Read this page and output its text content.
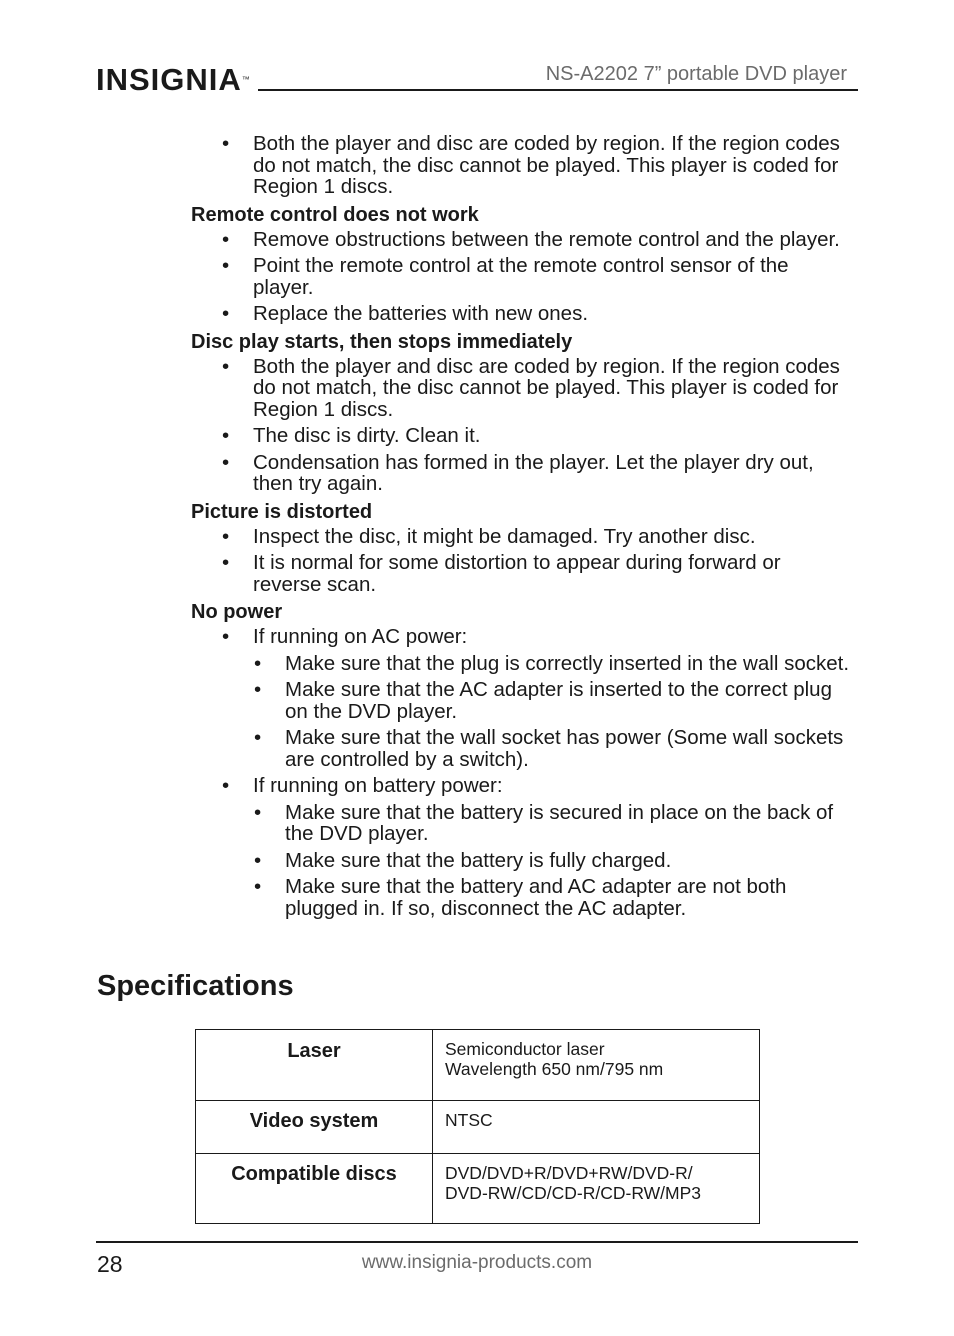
INSIGNIA™	NS-A2202 7” portable DVD player
• Both the player and disc are coded by region. If the region codes do not match, the disc cannot be played. This player is coded for Region 1 discs.
Remote control does not work
• Remove obstructions between the remote control and the player.
• Point the remote control at the remote control sensor of the player.
• Replace the batteries with new ones.
Disc play starts, then stops immediately
• Both the player and disc are coded by region. If the region codes do not match, the disc cannot be played. This player is coded for Region 1 discs.
• The disc is dirty. Clean it.
• Condensation has formed in the player. Let the player dry out, then try again.
Picture is distorted
• Inspect the disc, it might be damaged. Try another disc.
• It is normal for some distortion to appear during forward or reverse scan.
No power
• If running on AC power:
• Make sure that the plug is correctly inserted in the wall socket.
• Make sure that the AC adapter is inserted to the correct plug on the DVD player.
• Make sure that the wall socket has power (Some wall sockets are controlled by a switch).
• If running on battery power:
• Make sure that the battery is secured in place on the back of the DVD player.
• Make sure that the battery is fully charged.
• Make sure that the battery and AC adapter are not both plugged in. If so, disconnect the AC adapter.
Specifications
Laser	Semiconductor laser
Wavelength 650 nm/795 nm

Video system	NTSC

Compatible discs	DVD/DVD+R/DVD+RW/DVD-R/
DVD-RW/CD/CD-R/CD-RW/MP3
28	www.insignia-products.com
